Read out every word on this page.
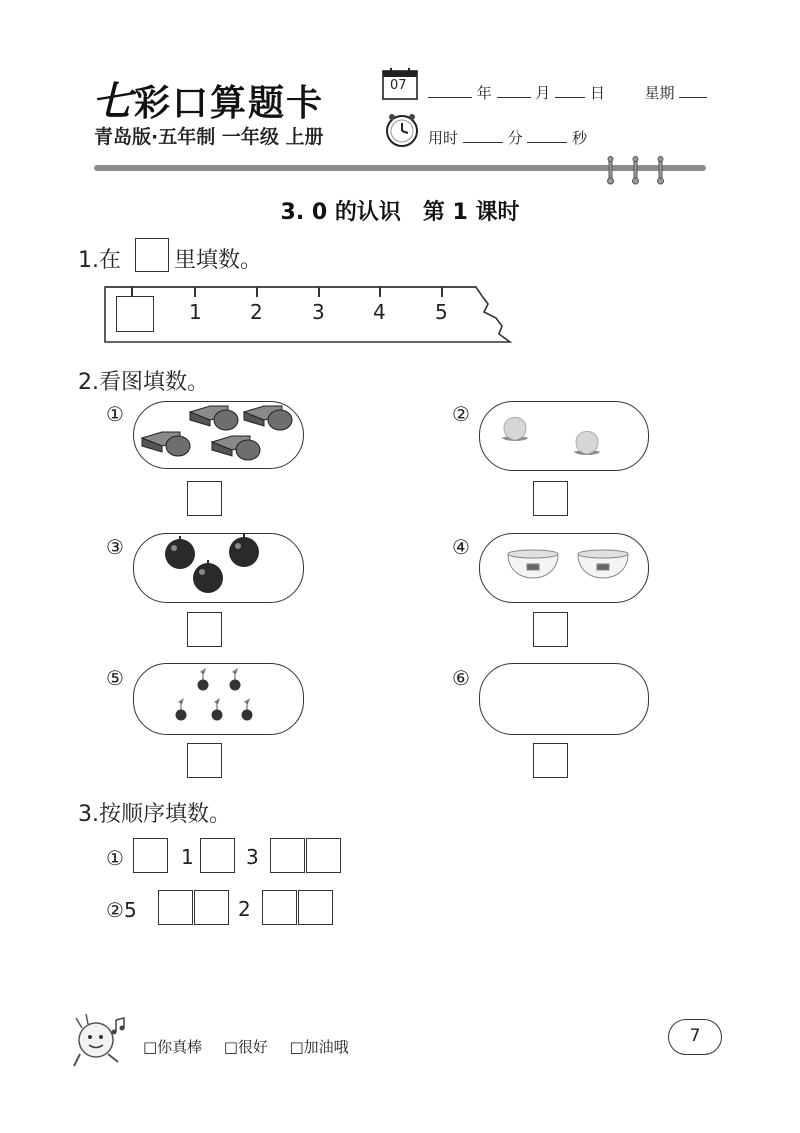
七彩口算题卡	07	年	月	日	星期
青岛版·五年制 一年级 上册	用时	分	秒
3. 0 的认识　第 1 课时
1.在 里填数。
1 2 3 4 5
2.看图填数。
①	②
③	④
⑤	⑥
3.按顺序填数。
①	1	3
②5	2
□你真棒 □很好 □加油哦
7
